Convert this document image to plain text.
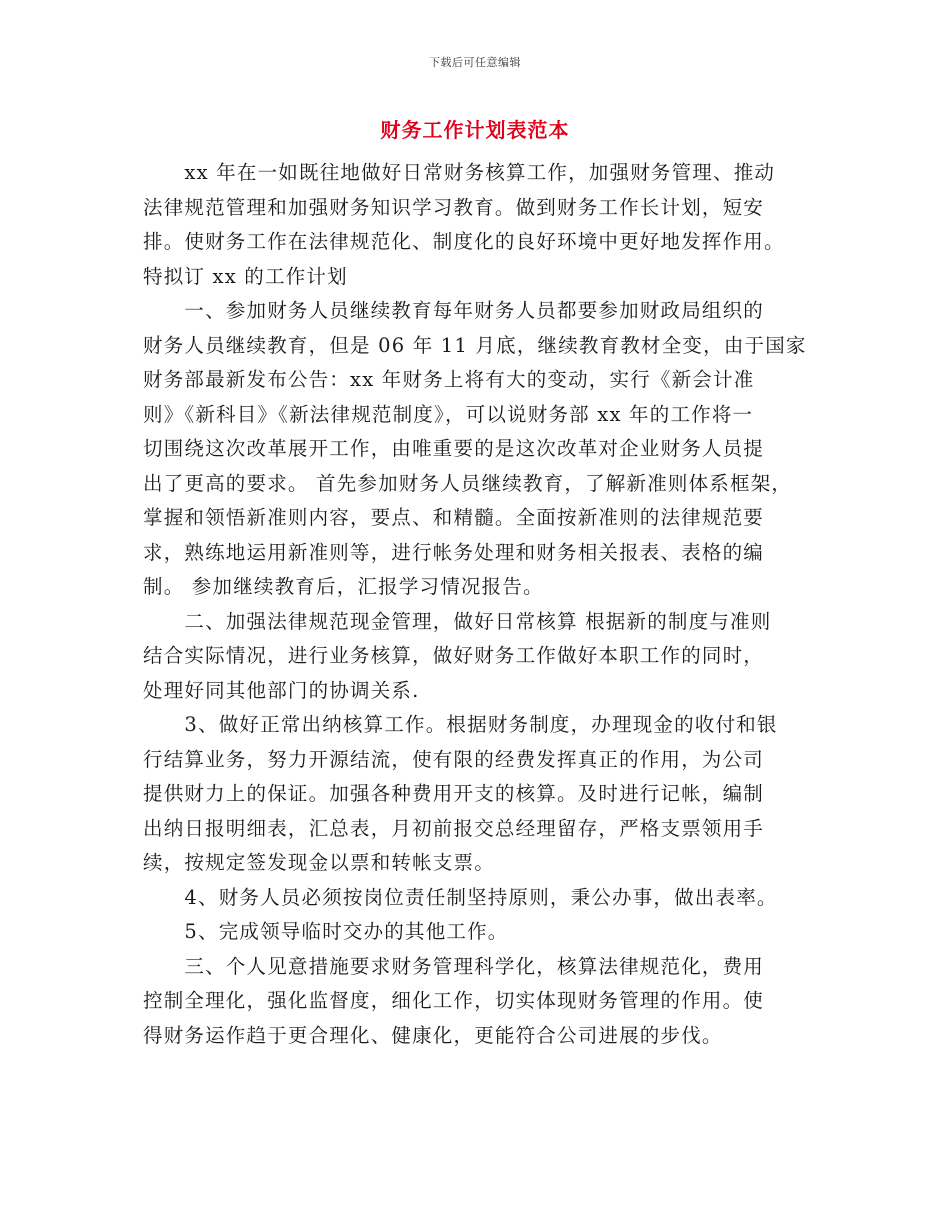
下载后可任意编辑
财务工作计划表范本
　　xx 年在一如既往地做好日常财务核算工作，加强财务管理、推动
法律规范管理和加强财务知识学习教育。做到财务工作长计划，短安
排。使财务工作在法律规范化、制度化的良好环境中更好地发挥作用。
特拟订 xx 的工作计划
　　一、参加财务人员继续教育每年财务人员都要参加财政局组织的
财务人员继续教育，但是 06 年 11 月底，继续教育教材全变，由于国家
财务部最新发布公告：xx 年财务上将有大的变动，实行《新会计准
则》《新科目》《新法律规范制度》，可以说财务部 xx 年的工作将一
切围绕这次改革展开工作，由唯重要的是这次改革对企业财务人员提
出了更高的要求。 首先参加财务人员继续教育，了解新准则体系框架，
掌握和领悟新准则内容，要点、和精髓。全面按新准则的法律规范要
求，熟练地运用新准则等，进行帐务处理和财务相关报表、表格的编
制。 参加继续教育后，汇报学习情况报告。
　　二、加强法律规范现金管理，做好日常核算 根据新的制度与准则
结合实际情况，进行业务核算，做好财务工作做好本职工作的同时，
处理好同其他部门的协调关系.
　　3、做好正常出纳核算工作。根据财务制度，办理现金的收付和银
行结算业务，努力开源结流，使有限的经费发挥真正的作用，为公司
提供财力上的保证。加强各种费用开支的核算。及时进行记帐，编制
出纳日报明细表，汇总表，月初前报交总经理留存，严格支票领用手
续，按规定签发现金以票和转帐支票。
　　4、财务人员必须按岗位责任制坚持原则，秉公办事，做出表率。
　　5、完成领导临时交办的其他工作。
　　三、个人见意措施要求财务管理科学化，核算法律规范化，费用
控制全理化，强化监督度，细化工作，切实体现财务管理的作用。使
得财务运作趋于更合理化、健康化，更能符合公司进展的步伐。
